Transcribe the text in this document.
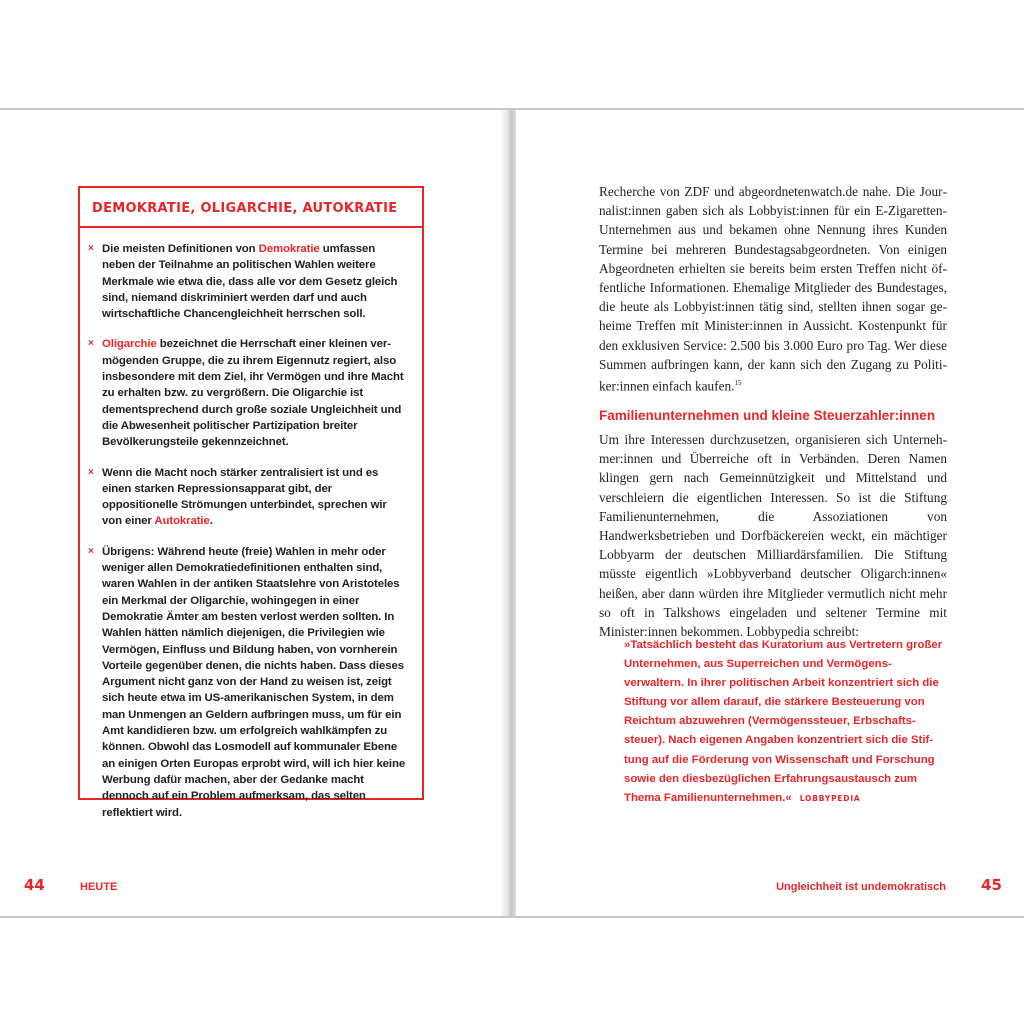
DEMOKRATIE, OLIGARCHIE, AUTOKRATIE
× Die meisten Definitionen von Demokratie umfassen neben der Teilnahme an politischen Wahlen weitere Merkmale wie etwa die, dass alle vor dem Gesetz gleich sind, niemand diskriminiert werden darf und auch wirtschaftliche Chancengleichheit herrschen soll.
× Oligarchie bezeichnet die Herrschaft einer kleinen vermögenden Gruppe, die zu ihrem Eigennutz regiert, also insbesondere mit dem Ziel, ihr Vermögen und ihre Macht zu erhalten bzw. zu vergrößern. Die Oligarchie ist dementsprechend durch große soziale Ungleichheit und die Abwesenheit politischer Partizipation breiter Bevölkerungsteile gekennzeichnet.
× Wenn die Macht noch stärker zentralisiert ist und es einen starken Repressionsapparat gibt, der oppositionelle Strömungen unterbindet, sprechen wir von einer Autokratie.
× Übrigens: Während heute (freie) Wahlen in mehr oder weniger allen Demokratiedefinitionen enthalten sind, waren Wahlen in der antiken Staatslehre von Aristoteles ein Merkmal der Oligarchie, wohingegen in einer Demokratie Ämter am besten verlost werden sollten. In Wahlen hätten nämlich diejenigen, die Privilegien wie Vermögen, Einfluss und Bildung haben, von vornherein Vorteile gegenüber denen, die nichts haben. Dass dieses Argument nicht ganz von der Hand zu weisen ist, zeigt sich heute etwa im US-amerikanischen System, in dem man Unmengen an Geldern aufbringen muss, um für ein Amt kandidieren bzw. um erfolgreich wahlkämpfen zu können. Obwohl das Losmodell auf kommunaler Ebene an einigen Orten Europas erprobt wird, will ich hier keine Werbung dafür machen, aber der Gedanke macht dennoch auf ein Problem aufmerksam, das selten reflektiert wird.
44	HEUTE

Recherche von ZDF und abgeordnetenwatch.de nahe. Die Journalist:innen gaben sich als Lobbyist:innen für ein E-Zigaretten-Unternehmen aus und bekamen ohne Nennung ihres Kunden Termine bei mehreren Bundestagsabgeordneten. Von einigen Abgeordneten erhielten sie bereits beim ersten Treffen nicht öffentliche Informationen. Ehemalige Mitglieder des Bundestages, die heute als Lobbyist:innen tätig sind, stellten ihnen sogar geheime Treffen mit Minister:innen in Aussicht. Kostenpunkt für den exklusiven Service: 2.500 bis 3.000 Euro pro Tag. Wer diese Summen aufbringen kann, der kann sich den Zugang zu Politiker:innen einfach kaufen.$^{15}$

Familienunternehmen und kleine Steuerzahler:innen

Um ihre Interessen durchzusetzen, organisieren sich Unternehmer:innen und Überreiche oft in Verbänden. Deren Namen klingen gern nach Gemeinnützigkeit und Mittelstand und verschleiern die eigentlichen Interessen. So ist die Stiftung Familienunternehmen, die Assoziationen von Handwerksbetrieben und Dorfbäckereien weckt, ein mächtiger Lobbyarm der deutschen Milliardärsfamilien. Die Stiftung müsste eigentlich »Lobbyverband deutscher Oligarch:innen« heißen, aber dann würden ihre Mitglieder vermutlich nicht mehr so oft in Talkshows eingeladen und seltener Termine mit Minister:innen bekommen. Lobbypedia schreibt:

»Tatsächlich besteht das Kuratorium aus Vertretern großer Unternehmen, aus Superreichen und Vermögensverwaltern. In ihrer politischen Arbeit konzentriert sich die Stiftung vor allem darauf, die stärkere Besteuerung von Reichtum abzuwehren (Vermögenssteuer, Erbschaftssteuer). Nach eigenen Angaben konzentriert sich die Stiftung auf die Förderung von Wissenschaft und Forschung sowie den diesbezüglichen Erfahrungsaustausch zum Thema Familienunternehmen.« LOBBYPEDIA

Ungleichheit ist undemokratisch 45
